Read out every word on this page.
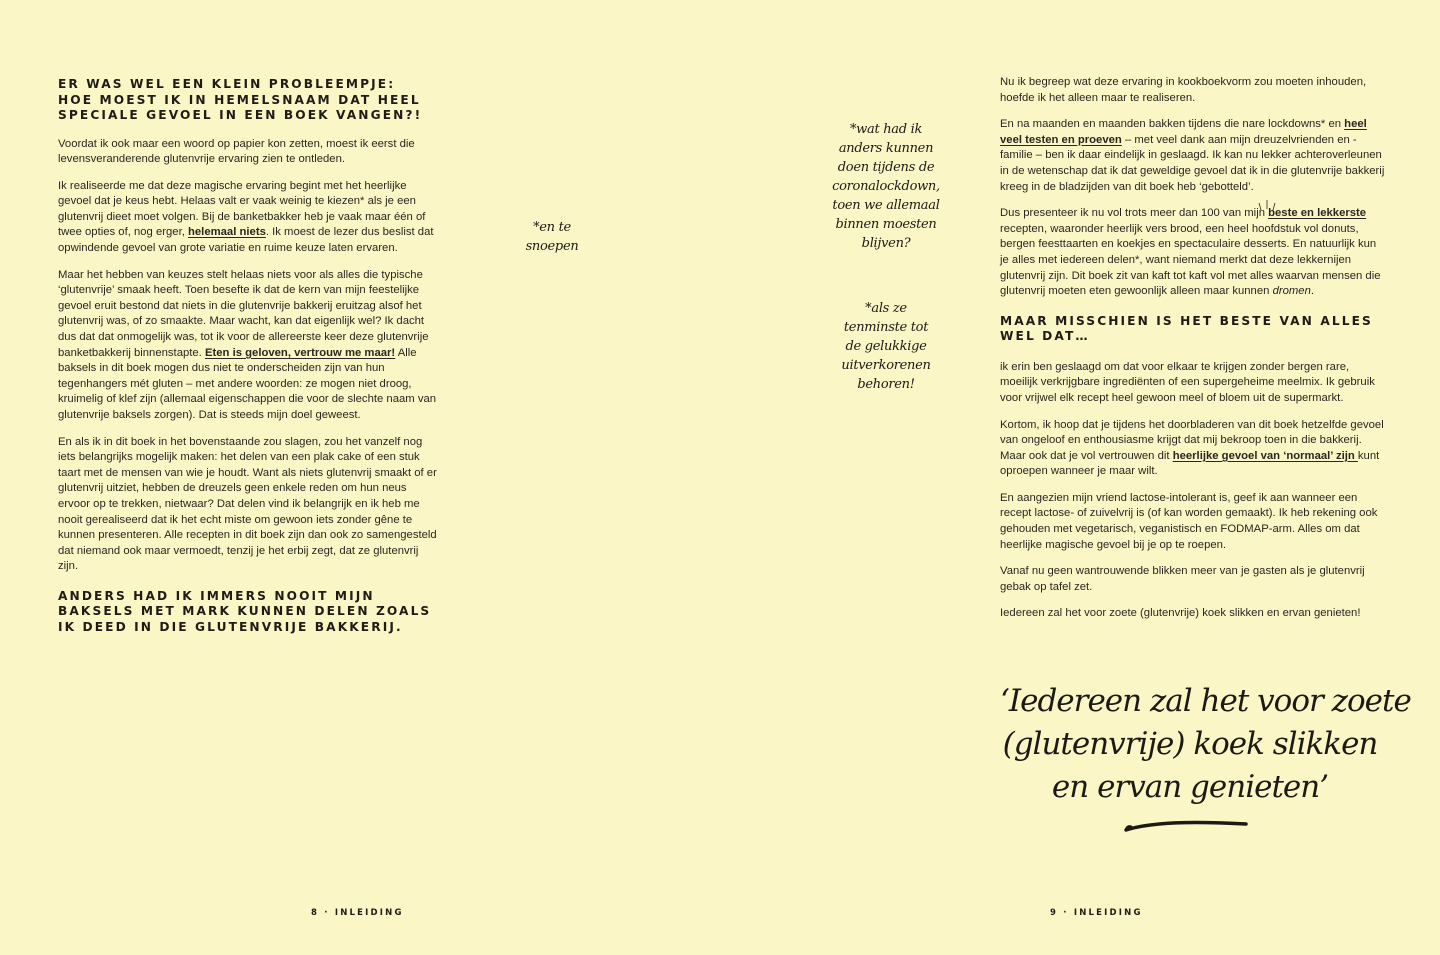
ER WAS WEL EEN KLEIN PROBLEEMPJE:
HOE MOEST IK IN HEMELSNAAM DAT HEEL
SPECIALE GEVOEL IN EEN BOEK VANGEN?!

Voordat ik ook maar een woord op papier kon zetten, moest ik eerst die levensveranderende glutenvrije ervaring zien te ontleden.

Ik realiseerde me dat deze magische ervaring begint met het heerlijke gevoel dat je keus hebt. Helaas valt er vaak weinig te kiezen* als je een glutenvrij dieet moet volgen. Bij de banketbakker heb je vaak maar één of twee opties of, nog erger, helemaal niets. Ik moest de lezer dus beslist dat opwindende gevoel van grote variatie en ruime keuze laten ervaren.

Maar het hebben van keuzes stelt helaas niets voor als alles die typische ‘glutenvrije’ smaak heeft. Toen besefte ik dat de kern van mijn feestelijke gevoel eruit bestond dat niets in die glutenvrije bakkerij eruitzag alsof het glutenvrij was, of zo smaakte. Maar wacht, kan dat eigenlijk wel? Ik dacht dus dat dat onmogelijk was, tot ik voor de allereerste keer deze glutenvrije banketbakkerij binnenstapte. Eten is geloven, vertrouw me maar! Alle baksels in dit boek mogen dus niet te onderscheiden zijn van hun tegenhangers mét gluten – met andere woorden: ze mogen niet droog, kruimelig of klef zijn (allemaal eigenschappen die voor de slechte naam van glutenvrije baksels zorgen). Dat is steeds mijn doel geweest.

En als ik in dit boek in het bovenstaande zou slagen, zou het vanzelf nog iets belangrijks mogelijk maken: het delen van een plak cake of een stuk taart met de mensen van wie je houdt. Want als niets glutenvrij smaakt of er glutenvrij uitziet, hebben de dreuzels geen enkele reden om hun neus ervoor op te trekken, nietwaar? Dat delen vind ik belangrijk en ik heb me nooit gerealiseerd dat ik het echt miste om gewoon iets zonder gêne te kunnen presenteren. Alle recepten in dit boek zijn dan ook zo samengesteld dat niemand ook maar vermoedt, tenzij je het erbij zegt, dat ze glutenvrij zijn.

ANDERS HAD IK IMMERS NOOIT MIJN
BAKSELS MET MARK KUNNEN DELEN ZOALS
IK DEED IN DIE GLUTENVRIJE BAKKERIJ.
*en te
snoepen
*wat had ik
anders kunnen
doen tijdens de
coronalockdown,
toen we allemaal
binnen moesten
blijven?
*als ze
tenminste tot
de gelukkige
uitverkorenen
behoren!
8 · INLEIDING

Nu ik begreep wat deze ervaring in kookboekvorm zou moeten inhouden, hoefde ik het alleen maar te realiseren.

En na maanden en maanden bakken tijdens die nare lockdowns* en heel veel testen en proeven – met veel dank aan mijn dreuzelvrienden en -familie – ben ik daar eindelijk in geslaagd. Ik kan nu lekker achteroverleunen in de wetenschap dat ik dat geweldige gevoel dat ik in die glutenvrije bakkerij kreeg in de bladzijden van dit boek heb ‘gebotteld’.

Dus presenteer ik nu vol trots meer dan 100 van mijn beste en lekkerste recepten, waaronder heerlijk vers brood, een heel hoofdstuk vol donuts, bergen feesttaarten en koekjes en spectaculaire desserts. En natuurlijk kun je alles met iedereen delen*, want niemand merkt dat deze lekkernijen glutenvrij zijn. Dit boek zit van kaft tot kaft vol met alles waarvan mensen die glutenvrij moeten eten gewoonlijk alleen maar kunnen dromen.

MAAR MISSCHIEN IS HET BESTE VAN ALLES
WEL DAT…

ik erin ben geslaagd om dat voor elkaar te krijgen zonder bergen rare, moeilijk verkrijgbare ingrediënten of een supergeheime meelmix. Ik gebruik voor vrijwel elk recept heel gewoon meel of bloem uit de supermarkt.

Kortom, ik hoop dat je tijdens het doorbladeren van dit boek hetzelfde gevoel van ongeloof en enthousiasme krijgt dat mij bekroop toen in die bakkerij. Maar ook dat je vol vertrouwen dit heerlijke gevoel van ‘normaal’ zijn kunt oproepen wanneer je maar wilt.

En aangezien mijn vriend lactose-intolerant is, geef ik aan wanneer een recept lactose- of zuivelvrij is (of kan worden gemaakt). Ik heb rekening ook gehouden met vegetarisch, veganistisch en FODMAP-arm. Alles om dat heerlijke magische gevoel bij je op te roepen.

Vanaf nu geen wantrouwende blikken meer van je gasten als je glutenvrij gebak op tafel zet.

Iedereen zal het voor zoete (glutenvrije) koek slikken en ervan genieten!

‘Iedereen zal het voor zoete
(glutenvrije) koek slikken
en ervan genieten’
9 · INLEIDING
